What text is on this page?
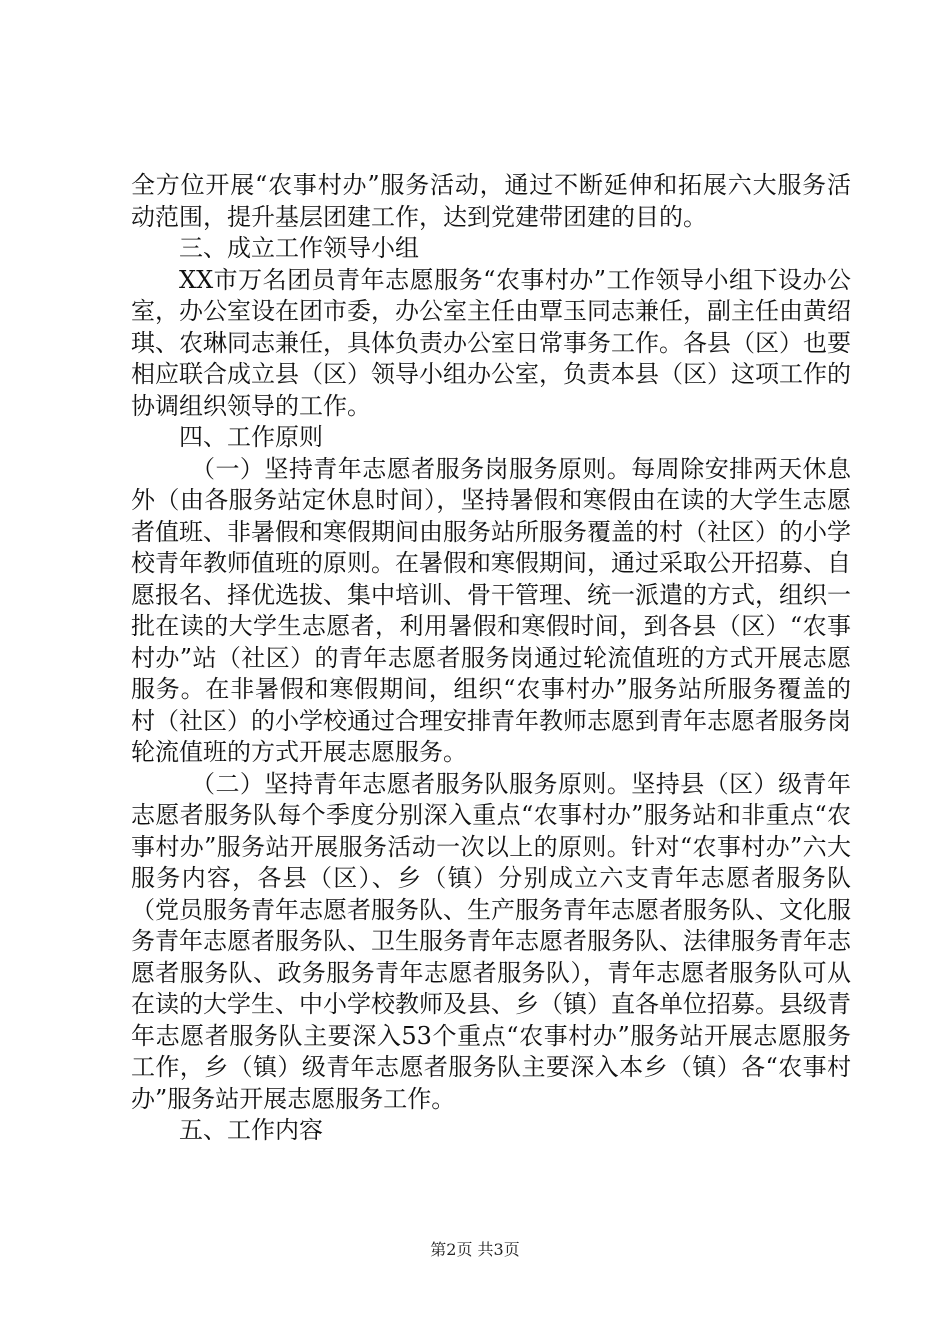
全方位开展“农事村办”服务活动，通过不断延伸和拓展六大服务活动范围，提升基层团建工作，达到党建带团建的目的。

三、成立工作领导小组

XX市万名团员青年志愿服务“农事村办”工作领导小组下设办公室，办公室设在团市委，办公室主任由覃玉同志兼任，副主任由黄绍琪、农琳同志兼任，具体负责办公室日常事务工作。各县（区）也要相应联合成立县（区）领导小组办公室，负责本县（区）这项工作的协调组织领导的工作。

四、工作原则

（一）坚持青年志愿者服务岗服务原则。每周除安排两天休息外（由各服务站定休息时间），坚持暑假和寒假由在读的大学生志愿者值班、非暑假和寒假期间由服务站所服务覆盖的村（社区）的小学校青年教师值班的原则。在暑假和寒假期间，通过采取公开招募、自愿报名、择优选拔、集中培训、骨干管理、统一派遣的方式，组织一批在读的大学生志愿者，利用暑假和寒假时间，到各县（区）“农事村办”站（社区）的青年志愿者服务岗通过轮流值班的方式开展志愿服务。在非暑假和寒假期间，组织“农事村办”服务站所服务覆盖的村（社区）的小学校通过合理安排青年教师志愿到青年志愿者服务岗轮流值班的方式开展志愿服务。

（二）坚持青年志愿者服务队服务原则。坚持县（区）级青年志愿者服务队每个季度分别深入重点“农事村办”服务站和非重点“农事村办”服务站开展服务活动一次以上的原则。针对“农事村办”六大服务内容，各县（区）、乡（镇）分别成立六支青年志愿者服务队（党员服务青年志愿者服务队、生产服务青年志愿者服务队、文化服务青年志愿者服务队、卫生服务青年志愿者服务队、法律服务青年志愿者服务队、政务服务青年志愿者服务队），青年志愿者服务队可从在读的大学生、中小学校教师及县、乡（镇）直各单位招募。县级青年志愿者服务队主要深入53个重点“农事村办”服务站开展志愿服务工作，乡（镇）级青年志愿者服务队主要深入本乡（镇）各“农事村办”服务站开展志愿服务工作。

五、工作内容

第2页 共3页
